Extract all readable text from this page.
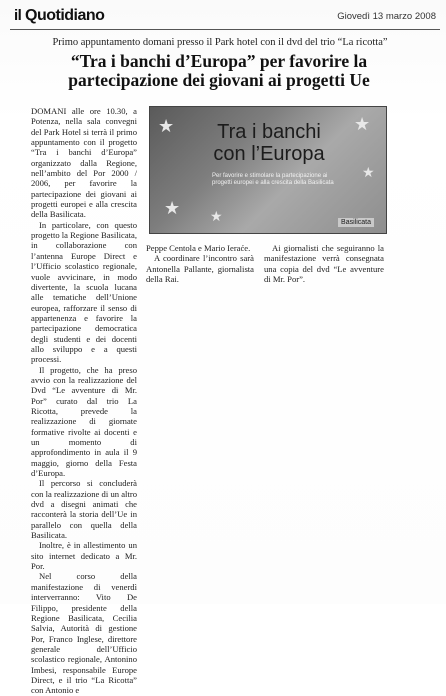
il Quotidiano	Giovedì 13 marzo 2008
Primo appuntamento domani presso il Park hotel con il dvd del trio “La ricotta”
“Tra i banchi d’Europa” per favorire la partecipazione dei giovani ai progetti Ue

DOMANI alle ore 10.30, a Potenza, nella sala convegni del Park Hotel si terrà il primo appuntamento con il progetto “Tra i banchi d’Europa” organizzato dalla Regione, nell’ambito del Por 2000 / 2006, per favorire la partecipazione dei giovani ai progetti europei e alla crescita della Basilicata.

In particolare, con questo progetto la Regione Basilicata, in collaborazione con l’antenna Europe Direct e l’Ufficio scolastico regionale, vuole avvicinare, in modo divertente, la scuola lucana alle tematiche dell’Unione europea, rafforzare il senso di appartenenza e favorire la partecipazione democratica degli studenti e dei docenti allo sviluppo e a questi processi.

Il progetto, che ha preso avvio con la realizzazione del Dvd “Le avventure di Mr. Por” curato dal trio La Ricotta, prevede la realizzazione di giornate formative rivolte ai docenti e un momento di approfondimento in aula il 9 maggio, giorno della Festa d’Europa.

Il percorso si concluderà con la realizzazione di un altro dvd a disegni animati che racconterà la storia dell’Ue in parallelo con quella della Basilicata.

Inoltre, è in allestimento un sito internet dedicato a Mr. Por.

Nel corso della manifestazione di venerdì interverranno: Vito De Filippo, presidente della Regione Basilicata, Cecilia Salvia, Autorità di gestione Por, Franco Inglese, direttore generale dell’Ufficio scolastico regionale, Antonino Imbesi, responsabile Europe Direct, e il trio “La Ricotta” con Antonio e

★	★
★ ★
★
Tra i banchi
con l’Europa
Per favorire e stimolare la partecipazione ai progetti europei e alla crescita della Basilicata
Basilicata

Peppe Centola e Mario Ieraće.

A coordinare l’incontro sarà Antonella Pallante, giornalista della Rai.

Ai giornalisti che seguiranno la manifestazione verrà consegnata una copia del dvd “Le avventure di Mr. Por”.
